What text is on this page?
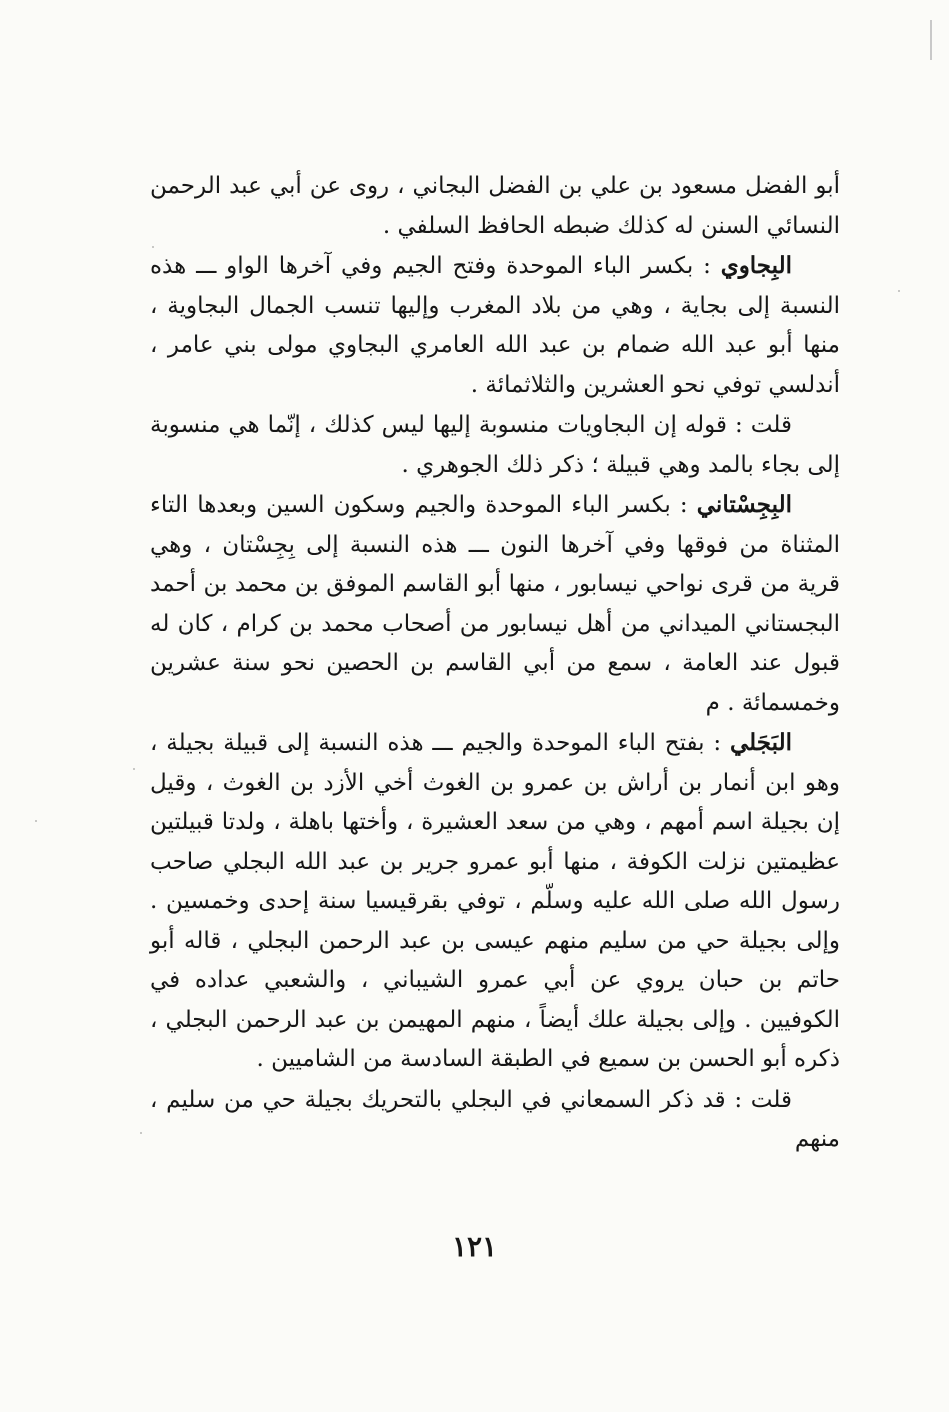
أبو الفضل مسعود بن علي بن الفضل البجاني ، روى عن أبي عبد الرحمن النسائي السنن له كذلك ضبطه الحافظ السلفي .

البِجاوي : بكسر الباء الموحدة وفتح الجيم وفي آخرها الواو ـــ هذه النسبة إلى بجاية ، وهي من بلاد المغرب وإليها تنسب الجمال البجاوية ، منها أبو عبد الله ضمام بن عبد الله العامري البجاوي مولى بني عامر ، أندلسي توفي نحو العشرين والثلاثمائة .

قلت : قوله إن البجاويات منسوبة إليها ليس كذلك ، إنّما هي منسوبة إلى بجاء بالمد وهي قبيلة ؛ ذكر ذلك الجوهري .

البِجِسْتاني : بكسر الباء الموحدة والجيم وسكون السين وبعدها التاء المثناة من فوقها وفي آخرها النون ـــ هذه النسبة إلى بِجِسْتان ، وهي قرية من قرى نواحي نيسابور ، منها أبو القاسم الموفق بن محمد بن أحمد البجستاني الميداني من أهل نيسابور من أصحاب محمد بن كرام ، كان له قبول عند العامة ، سمع من أبي القاسم بن الحصين نحو سنة عشرين وخمسمائة . م

البَجَلي : بفتح الباء الموحدة والجيم ـــ هذه النسبة إلى قبيلة بجيلة ، وهو ابن أنمار بن أراش بن عمرو بن الغوث أخي الأزد بن الغوث ، وقيل إن بجيلة اسم أمهم ، وهي من سعد العشيرة ، وأختها باهلة ، ولدتا قبيلتين عظيمتين نزلت الكوفة ، منها أبو عمرو جرير بن عبد الله البجلي صاحب رسول الله صلى الله عليه وسلّم ، توفي بقرقيسيا سنة إحدى وخمسين . وإلى بجيلة حي من سليم منهم عيسى بن عبد الرحمن البجلي ، قاله أبو حاتم بن حبان يروي عن أبي عمرو الشيباني ، والشعبي عداده في الكوفيين . وإلى بجيلة علك أيضاً ، منهم المهيمن بن عبد الرحمن البجلي ، ذكره أبو الحسن بن سميع في الطبقة السادسة من الشاميين .

قلت : قد ذكر السمعاني في البجلي بالتحريك بجيلة حي من سليم ، منهم

١٢١
